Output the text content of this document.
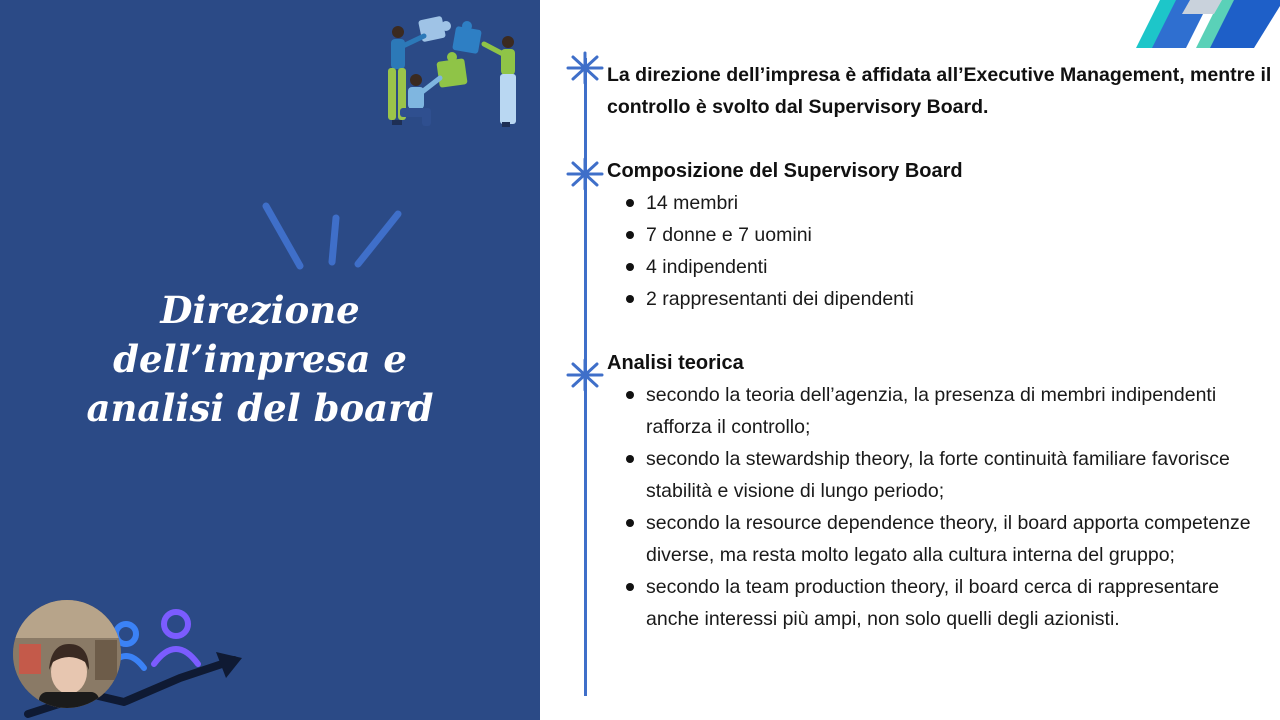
Direzione
dell’impresa e
analisi del board

La direzione dell’impresa è affidata all’Executive Management, mentre il controllo è svolto dal Supervisory Board.

Composizione del Supervisory Board
14 membri
7 donne e 7 uomini
4 indipendenti
2 rappresentanti dei dipendenti
Analisi teorica
secondo la teoria dell’agenzia, la presenza di membri indipendenti rafforza il controllo;
secondo la stewardship theory, la forte continuità familiare favorisce stabilità e visione di lungo periodo;
secondo la resource dependence theory, il board apporta competenze diverse, ma resta molto legato alla cultura interna del gruppo;
secondo la team production theory, il board cerca di rappresentare anche interessi più ampi, non solo quelli degli azionisti.
